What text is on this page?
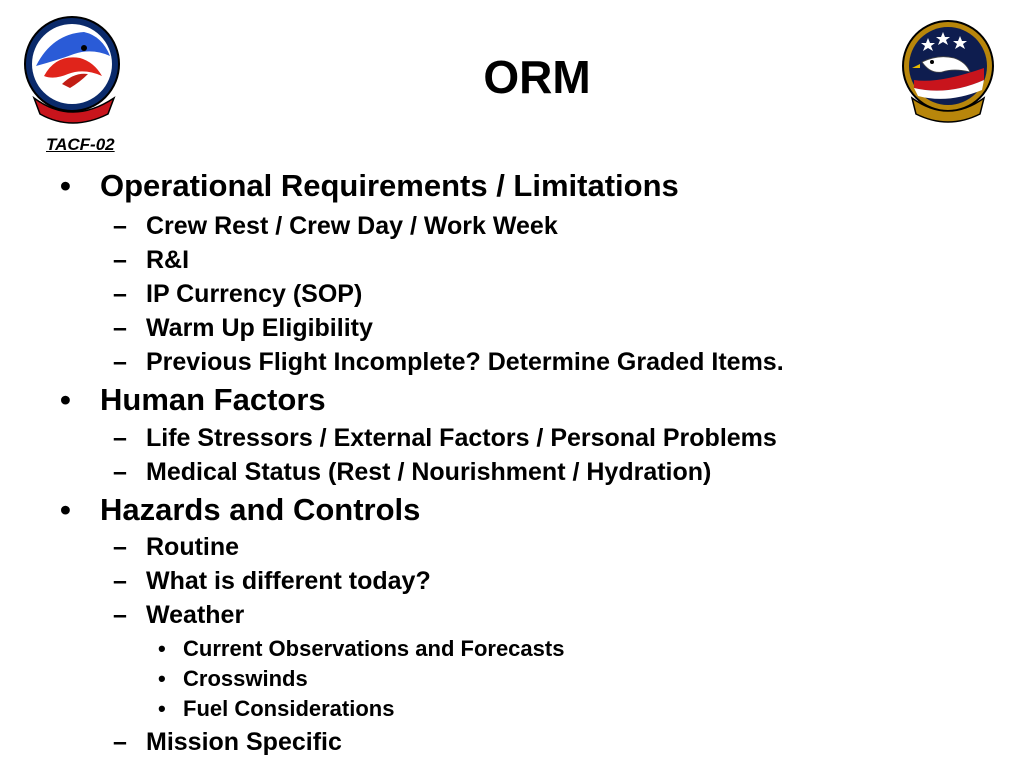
TACF-02
ORM
• Operational Requirements / Limitations
– Crew Rest / Crew Day / Work Week
– R&I
– IP Currency (SOP)
– Warm Up Eligibility
– Previous Flight Incomplete? Determine Graded Items.
• Human Factors
– Life Stressors / External Factors / Personal Problems
– Medical Status (Rest / Nourishment / Hydration)
• Hazards and Controls
– Routine
– What is different today?
– Weather
• Current Observations and Forecasts
• Crosswinds
• Fuel Considerations
– Mission Specific
